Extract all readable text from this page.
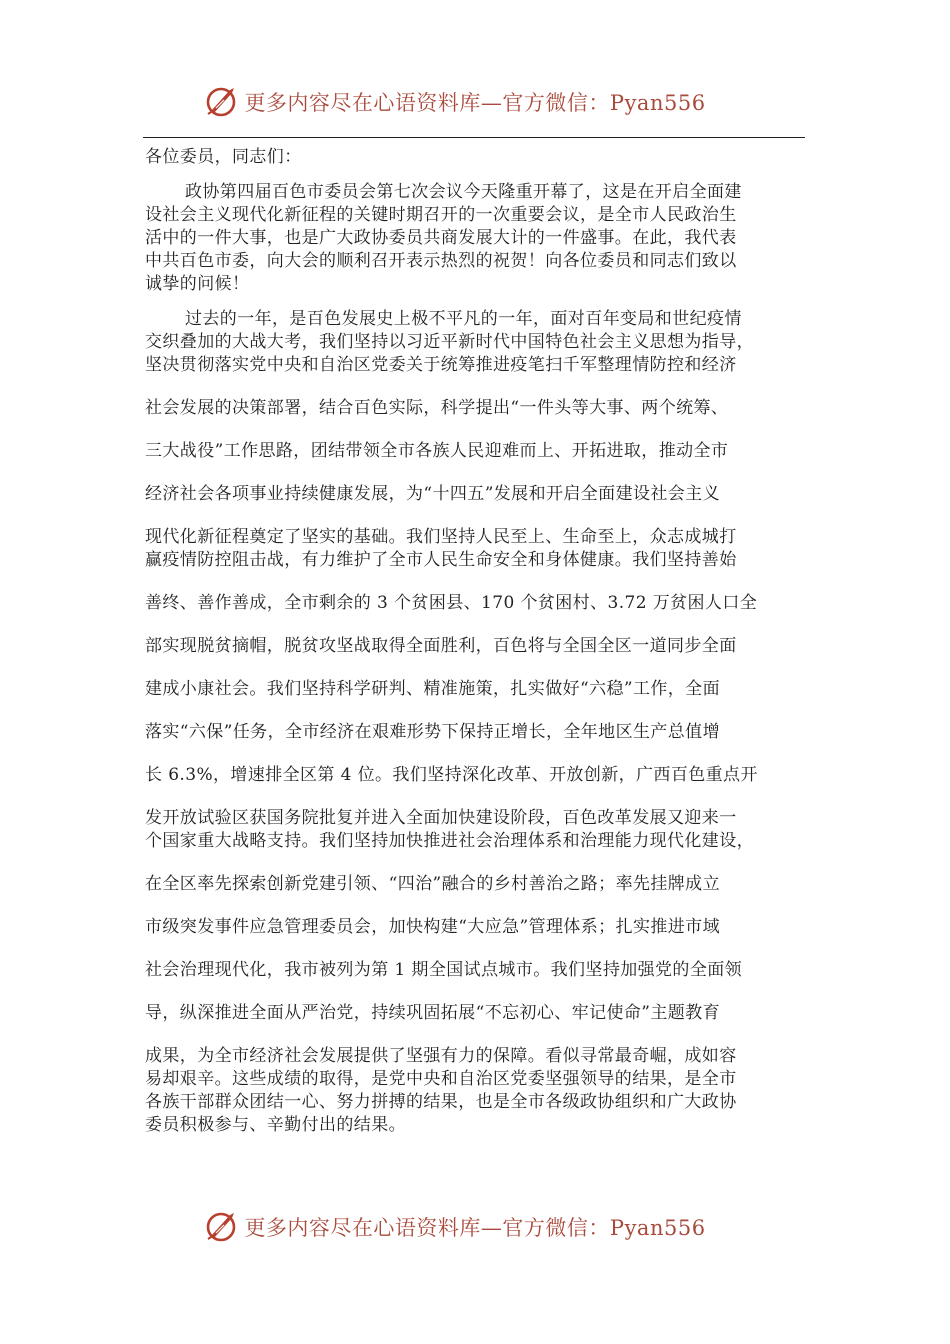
更多内容尽在心语资料库—官方微信：Pyan556
各位委员，同志们：
政协第四届百色市委员会第七次会议今天隆重开幕了，这是在开启全面建
设社会主义现代化新征程的关键时期召开的一次重要会议，是全市人民政治生
活中的一件大事，也是广大政协委员共商发展大计的一件盛事。在此，我代表
中共百色市委，向大会的顺利召开表示热烈的祝贺！向各位委员和同志们致以
诚挚的问候！
过去的一年，是百色发展史上极不平凡的一年，面对百年变局和世纪疫情
交织叠加的大战大考，我们坚持以习近平新时代中国特色社会主义思想为指导，
坚决贯彻落实党中央和自治区党委关于统筹推进疫笔扫千军整理情防控和经济
社会发展的决策部署，结合百色实际，科学提出“一件头等大事、两个统筹、
三大战役”工作思路，团结带领全市各族人民迎难而上、开拓进取，推动全市
经济社会各项事业持续健康发展，为“十四五”发展和开启全面建设社会主义
现代化新征程奠定了坚实的基础。我们坚持人民至上、生命至上，众志成城打
赢疫情防控阻击战，有力维护了全市人民生命安全和身体健康。我们坚持善始
善终、善作善成，全市剩余的 3 个贫困县、170 个贫困村、3.72 万贫困人口全
部实现脱贫摘帽，脱贫攻坚战取得全面胜利，百色将与全国全区一道同步全面
建成小康社会。我们坚持科学研判、精准施策，扎实做好“六稳”工作，全面
落实“六保”任务，全市经济在艰难形势下保持正增长，全年地区生产总值增
长 6.3%，增速排全区第 4 位。我们坚持深化改革、开放创新，广西百色重点开
发开放试验区获国务院批复并进入全面加快建设阶段，百色改革发展又迎来一
个国家重大战略支持。我们坚持加快推进社会治理体系和治理能力现代化建设，
在全区率先探索创新党建引领、“四治”融合的乡村善治之路；率先挂牌成立
市级突发事件应急管理委员会，加快构建“大应急”管理体系；扎实推进市域
社会治理现代化，我市被列为第 1 期全国试点城市。我们坚持加强党的全面领
导，纵深推进全面从严治党，持续巩固拓展“不忘初心、牢记使命”主题教育
成果，为全市经济社会发展提供了坚强有力的保障。看似寻常最奇崛，成如容
易却艰辛。这些成绩的取得，是党中央和自治区党委坚强领导的结果，是全市
各族干部群众团结一心、努力拼搏的结果，也是全市各级政协组织和广大政协
委员积极参与、辛勤付出的结果。
更多内容尽在心语资料库—官方微信：Pyan556
